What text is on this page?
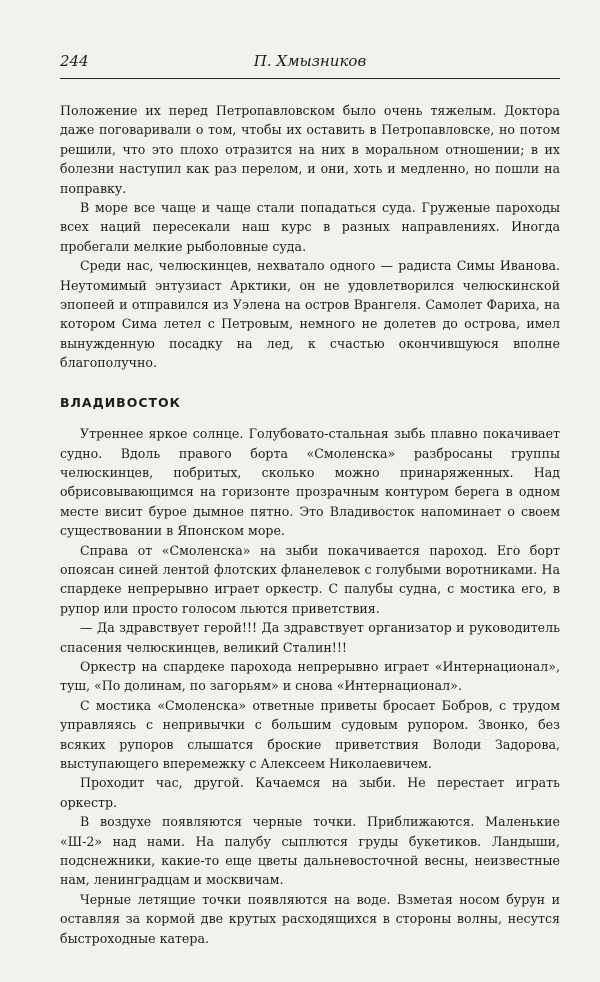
244	П. Хмызников

Положение их перед Петропавловском было очень тяжелым. Доктора даже поговаривали о том, чтобы их оставить в Петропавловске, но потом решили, что это плохо отразится на них в моральном отношении; в их болезни наступил как раз перелом, и они, хоть и медленно, но пошли на поправку.

В море все чаще и чаще стали попадаться суда. Груженые пароходы всех наций пересекали наш курс в разных направлениях. Иногда пробегали мелкие рыболовные суда.

Среди нас, челюскинцев, нехватало одного — радиста Симы Иванова. Неутомимый энтузиаст Арктики, он не удовлетворился челюскинской эпопеей и отправился из Уэлена на остров Врангеля. Самолет Фариха, на котором Сима летел с Петровым, немного не долетев до острова, имел вынужденную посадку на лед, к счастью окончившуюся вполне благополучно.

ВЛАДИВОСТОК

Утреннее яркое солнце. Голубовато-стальная зыбь плавно покачивает судно. Вдоль правого борта «Смоленска» разбросаны группы челюскинцев, побритых, сколько можно принаряженных. Над обрисовывающимся на горизонте прозрачным контуром берега в одном месте висит бурое дымное пятно. Это Владивосток напоминает о своем существовании в Японском море.

Справа от «Смоленска» на зыби покачивается пароход. Его борт опоясан синей лентой флотских фланелевок с голубыми воротниками. На спардеке непрерывно играет оркестр. С палубы судна, с мостика его, в рупор или просто голосом льются приветствия.

— Да здравствует герой!!! Да здравствует организатор и руководитель спасения челюскинцев, великий Сталин!!!

Оркестр на спардеке парохода непрерывно играет «Интернационал», туш, «По долинам, по загорьям» и снова «Интернационал».

С мостика «Смоленска» ответные приветы бросает Бобров, с трудом управляясь с непривычки с большим судовым рупором. Звонко, без всяких рупоров слышатся броские приветствия Володи Задорова, выступающего вперемежку с Алексеем Николаевичем.

Проходит час, другой. Качаемся на зыби. Не перестает играть оркестр.

В воздухе появляются черные точки. Приближаются. Маленькие «Ш-2» над нами. На палубу сыплются груды букетиков. Ландыши, подснежники, какие-то еще цветы дальневосточной весны, неизвестные нам, ленинградцам и москвичам.

Черные летящие точки появляются на воде. Взметая носом бурун и оставляя за кормой две крутых расходящихся в стороны волны, несутся быстроходные катера.
